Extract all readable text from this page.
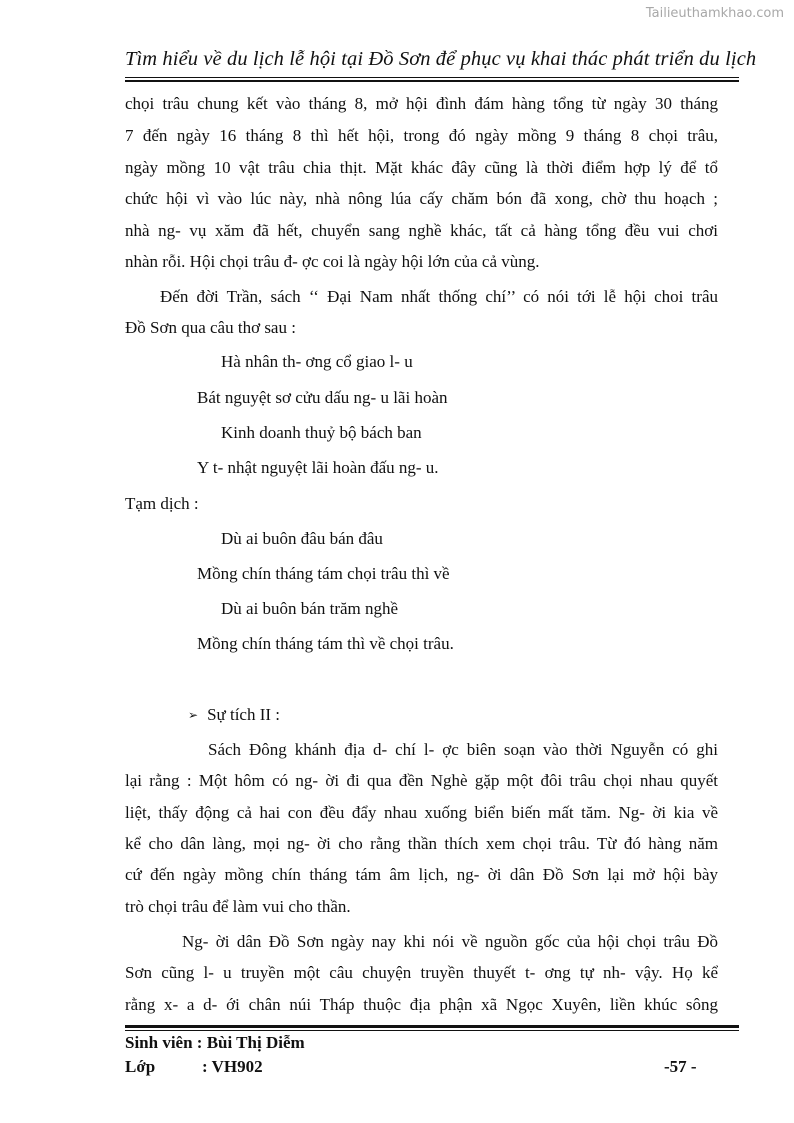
Tailieuthamkhao.com
Tìm hiểu về du lịch lễ hội tại Đồ Sơn để phục vụ khai thác phát triển du lịch
chọi trâu chung kết vào tháng 8, mở hội đình đám hàng tổng từ ngày 30 tháng
7 đến ngày 16 tháng 8 thì hết hội, trong đó ngày mồng 9 tháng 8 chọi trâu,
ngày mồng 10 vật trâu chia thịt. Mặt khác đây cũng là thời điểm hợp lý để tổ
chức hội vì vào lúc này, nhà nông lúa cấy chăm bón đã xong, chờ thu hoạch ;
nhà ng- vụ xăm đã hết, chuyển sang nghề khác, tất cả hàng tổng đều vui chơi
nhàn rỗi. Hội chọi trâu đ- ợc coi là ngày hội lớn của cả vùng.
Đến đời Trần, sách ‘‘ Đại Nam nhất thống chí’’ có nói tới lễ hội choi trâu
Đồ Sơn qua câu thơ sau :
Hà nhân th- ơng cổ giao l- u
Bát nguyệt sơ cửu dấu ng- u lãi hoàn
Kinh doanh thuỷ bộ bách ban
Y t- nhật nguyệt lãi hoàn đấu ng- u.
Tạm dịch :
Dù ai buôn đâu bán đâu
Mồng chín tháng tám chọi trâu thì về
Dù ai buôn bán trăm nghề
Mồng chín tháng tám thì về chọi trâu.
➢ Sự tích II :
Sách Đông khánh địa d- chí l- ợc biên soạn vào thời Nguyễn có ghi
lại rằng : Một hôm có ng- ời đi qua đền Nghè gặp một đôi trâu chọi nhau quyết
liệt, thấy động cả hai con đều đẩy nhau xuống biển biến mất tăm. Ng- ời kia về
kể cho dân làng, mọi ng- ời cho rằng thần thích xem chọi trâu. Từ đó hàng năm
cứ đến ngày mồng chín tháng tám âm lịch, ng- ời dân Đồ Sơn lại mở hội bày
trò chọi trâu để làm vui cho thần.
Ng- ời dân Đồ Sơn ngày nay khi nói về nguồn gốc của hội chọi trâu Đồ
Sơn cũng l- u truyền một câu chuyện truyền thuyết t- ơng tự nh- vậy. Họ kể
rằng x- a d- ới chân núi Tháp thuộc địa phận xã Ngọc Xuyên, liền khúc sông
Sinh viên : Bùi Thị Diễm
Lớp	: VH902	-57 -
